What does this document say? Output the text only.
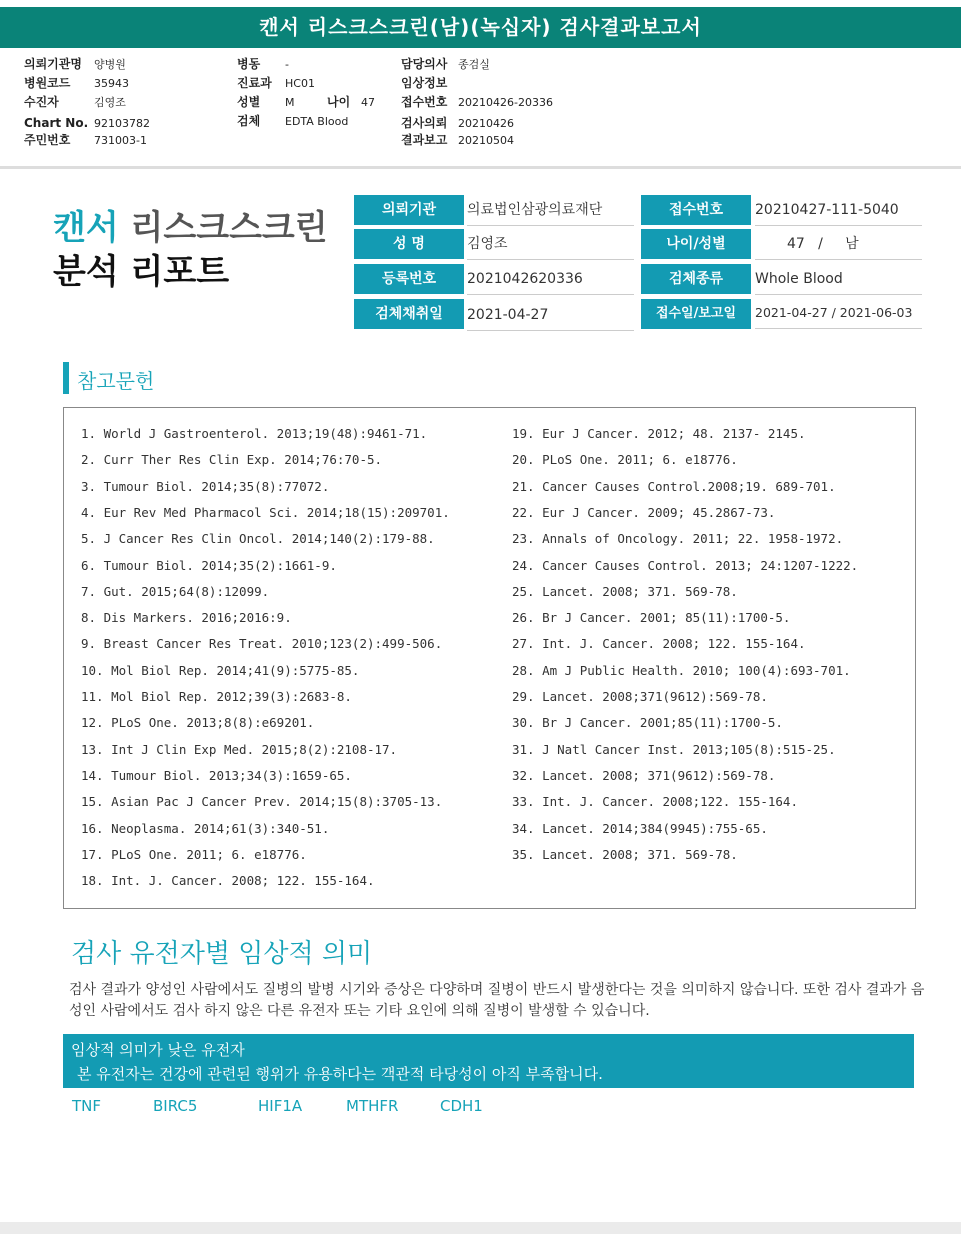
캔서 리스크스크린(남)(녹십자) 검사결과보고서
의뢰기관명 양병원
병원코드 35943
수진자	김영조
Chart No. 92103782
주민번호 731003-1
병동 -
진료과 HC01
성별 M	나이 47
검체 EDTA Blood
담당의사 종검실
임상정보
접수번호 20210426-20336
검사의뢰 20210426
결과보고 20210504
캔서 리스크스크린
분석 리포트
의뢰기관	의료법인삼광의료재단	접수번호	20210427-111-5040
성 명	김영조	나이/성별	47   /     남
등록번호	2021042620336	검체종류	Whole Blood
검체채취일	2021-04-27	접수일/보고일	2021-04-27 / 2021-06-03
참고문헌
1. World J Gastroenterol. 2013;19(48):9461-71.
2. Curr Ther Res Clin Exp. 2014;76:70-5.
3. Tumour Biol. 2014;35(8):77072.
4. Eur Rev Med Pharmacol Sci. 2014;18(15):209701.
5. J Cancer Res Clin Oncol. 2014;140(2):179-88.
6. Tumour Biol. 2014;35(2):1661-9.
7. Gut. 2015;64(8):12099.
8. Dis Markers. 2016;2016:9.
9. Breast Cancer Res Treat. 2010;123(2):499-506.
10. Mol Biol Rep. 2014;41(9):5775-85.
11. Mol Biol Rep. 2012;39(3):2683-8.
12. PLoS One. 2013;8(8):e69201.
13. Int J Clin Exp Med. 2015;8(2):2108-17.
14. Tumour Biol. 2013;34(3):1659-65.
15. Asian Pac J Cancer Prev. 2014;15(8):3705-13.
16. Neoplasma. 2014;61(3):340-51.
17. PLoS One. 2011; 6. e18776.
18. Int. J. Cancer. 2008; 122. 155-164.
19. Eur J Cancer. 2012; 48. 2137- 2145.
20. PLoS One. 2011; 6. e18776.
21. Cancer Causes Control.2008;19. 689-701.
22. Eur J Cancer. 2009; 45.2867-73.
23. Annals of Oncology. 2011; 22. 1958-1972.
24. Cancer Causes Control. 2013; 24:1207-1222.
25. Lancet. 2008; 371. 569-78.
26. Br J Cancer. 2001; 85(11):1700-5.
27. Int. J. Cancer. 2008; 122. 155-164.
28. Am J Public Health. 2010; 100(4):693-701.
29. Lancet. 2008;371(9612):569-78.
30. Br J Cancer. 2001;85(11):1700-5.
31. J Natl Cancer Inst. 2013;105(8):515-25.
32. Lancet. 2008; 371(9612):569-78.
33. Int. J. Cancer. 2008;122. 155-164.
34. Lancet. 2014;384(9945):755-65.
35. Lancet. 2008; 371. 569-78.
검사 유전자별 임상적 의미
검사 결과가 양성인 사람에서도 질병의 발병 시기와 증상은 다양하며 질병이 반드시 발생한다는 것을 의미하지 않습니다. 또한 검사 결과가 음성인 사람에서도 검사 하지 않은 다른 유전자 또는 기타 요인에 의해 질병이 발생할 수 있습니다.
임상적 의미가 낮은 유전자
본 유전자는 건강에 관련된 행위가 유용하다는 객관적 타당성이 아직 부족합니다.
TNF	BIRC5	HIF1A	MTHFR	CDH1
